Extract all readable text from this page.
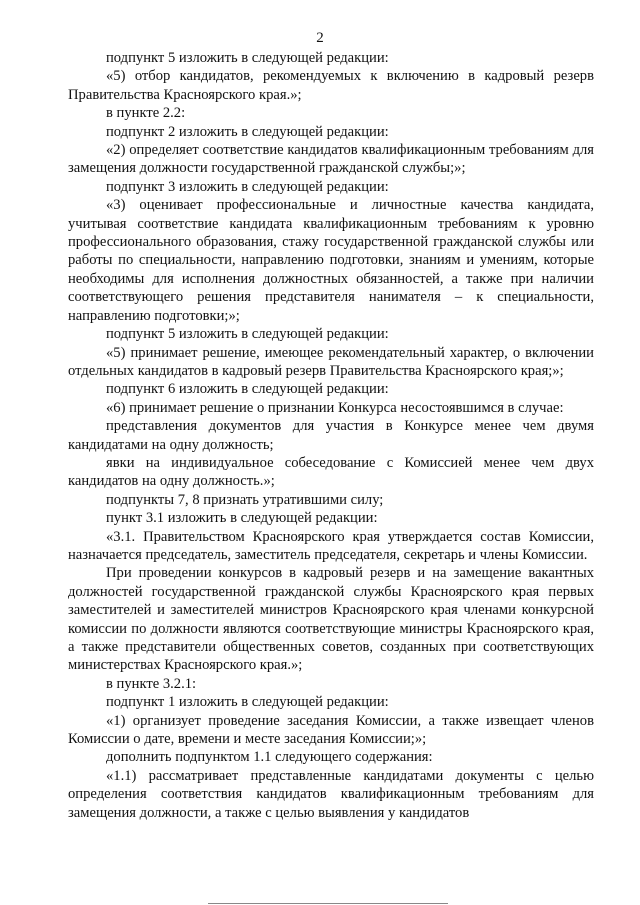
2

подпункт 5 изложить в следующей редакции:

«5) отбор кандидатов, рекомендуемых к включению в кадровый резерв Правительства Красноярского края.»;

в пункте 2.2:

подпункт 2 изложить в следующей редакции:

«2) определяет соответствие кандидатов квалификационным требованиям для замещения должности государственной гражданской службы;»;

подпункт 3 изложить в следующей редакции:

«3) оценивает профессиональные и личностные качества кандидата, учитывая соответствие кандидата квалификационным требованиям к уровню профессионального образования, стажу государственной гражданской службы или работы по специальности, направлению подготовки, знаниям и умениям, которые необходимы для исполнения должностных обязанностей, а также при наличии соответствующего решения представителя нанимателя – к специальности, направлению подготовки;»;

подпункт 5 изложить в следующей редакции:

«5) принимает решение, имеющее рекомендательный характер, о включении отдельных кандидатов в кадровый резерв Правительства Красноярского края;»;

подпункт 6 изложить в следующей редакции:

«6) принимает решение о признании Конкурса несостоявшимся в случае:

представления документов для участия в Конкурсе менее чем двумя кандидатами на одну должность;

явки на индивидуальное собеседование с Комиссией менее чем двух кандидатов на одну должность.»;

подпункты 7, 8 признать утратившими силу;

пункт 3.1 изложить в следующей редакции:

«3.1. Правительством Красноярского края утверждается состав Комиссии, назначается председатель, заместитель председателя, секретарь и члены Комиссии.

При проведении конкурсов в кадровый резерв и на замещение вакантных должностей государственной гражданской службы Красноярского края первых заместителей и заместителей министров Красноярского края членами конкурсной комиссии по должности являются соответствующие министры Красноярского края, а также представители общественных советов, созданных при соответствующих министерствах Красноярского края.»;

в пункте 3.2.1:

подпункт 1 изложить в следующей редакции:

«1) организует проведение заседания Комиссии, а также извещает членов Комиссии о дате, времени и месте заседания Комиссии;»;

дополнить подпунктом 1.1 следующего содержания:

«1.1) рассматривает представленные кандидатами документы с целью определения соответствия кандидатов квалификационным требованиям для замещения должности, а также с целью выявления у кандидатов
